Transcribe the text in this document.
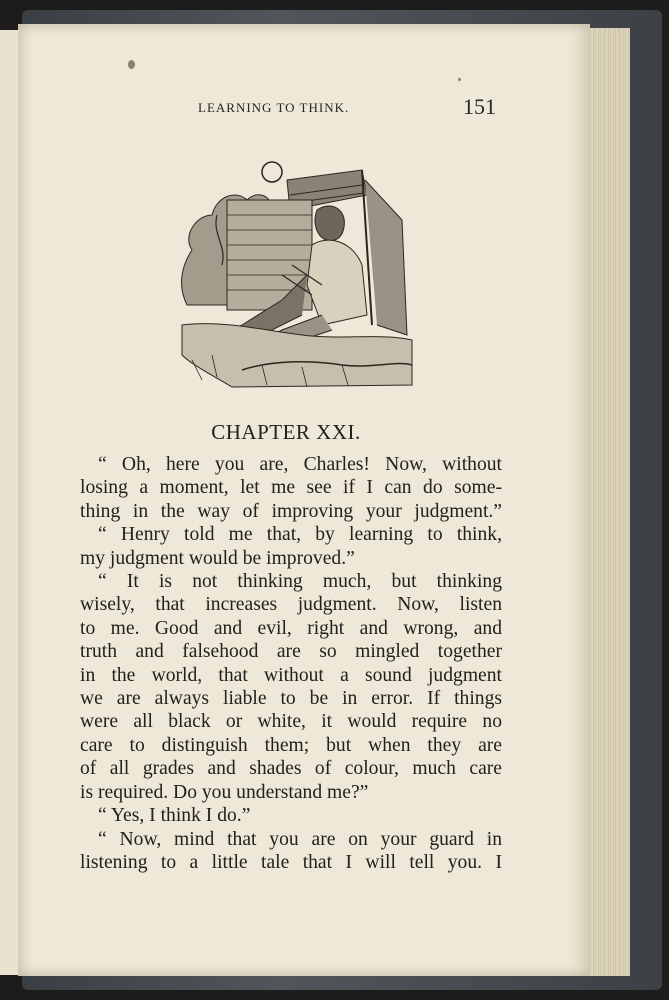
LEARNING TO THINK.	151
CHAPTER XXI.
“ Oh, here you are, Charles! Now, without
losing a moment, let me see if I can do some-
thing in the way of improving your judgment.”
“ Henry told me that, by learning to think,
my judgment would be improved.”
“ It is not thinking much, but thinking
wisely, that increases judgment. Now, listen
to me. Good and evil, right and wrong, and
truth and falsehood are so mingled together
in the world, that without a sound judgment
we are always liable to be in error. If things
were all black or white, it would require no
care to distinguish them; but when they are
of all grades and shades of colour, much care
is required. Do you understand me?”
“ Yes, I think I do.”
“ Now, mind that you are on your guard in
listening to a little tale that I will tell you. I
